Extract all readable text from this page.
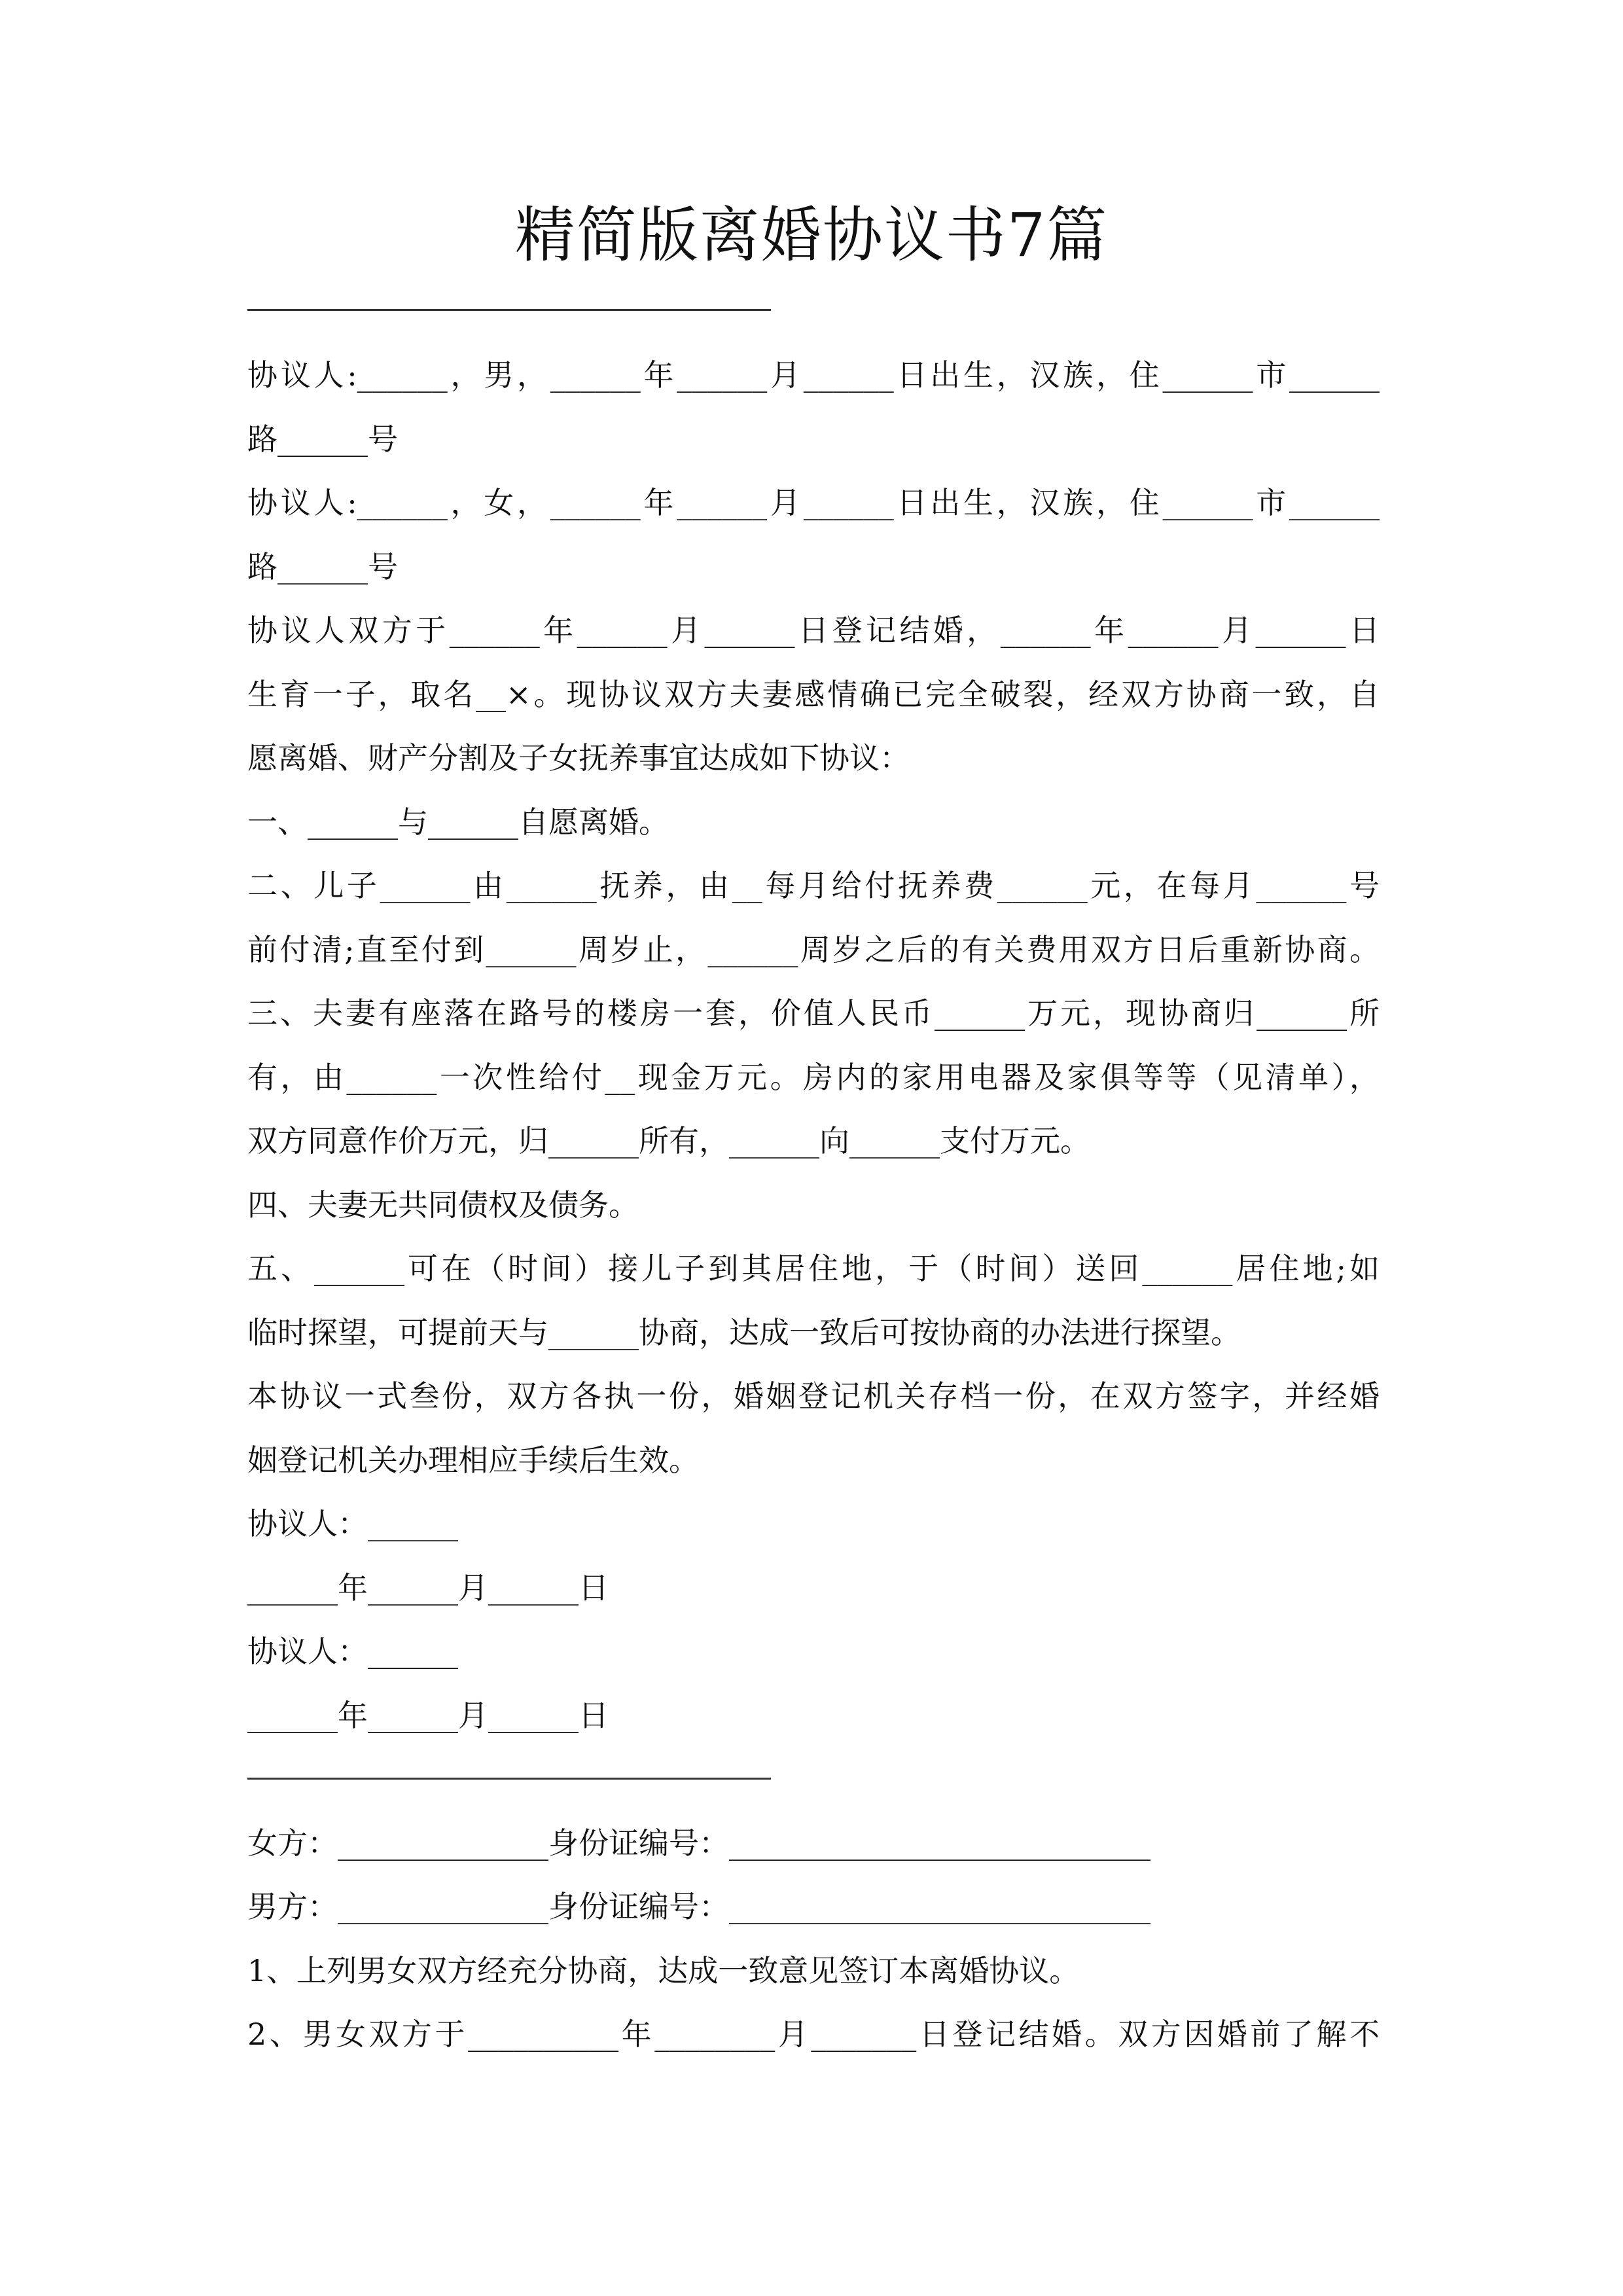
精简版离婚协议书7篇
协议人:______，男，______年______月______日出生，汉族，住______市______
路______号
协议人:______，女，______年______月______日出生，汉族，住______市______
路______号
协议人双方于______年______月______日登记结婚，______年______月______日
生育一子，取名__×。现协议双方夫妻感情确已完全破裂，经双方协商一致，自
愿离婚、财产分割及子女抚养事宜达成如下协议：
一、______与______自愿离婚。
二、儿子______由______抚养，由__每月给付抚养费______元，在每月______号
前付清;直至付到______周岁止，______周岁之后的有关费用双方日后重新协商。
三、夫妻有座落在路号的楼房一套，价值人民币______万元，现协商归______所
有，由______一次性给付__现金万元。房内的家用电器及家俱等等（见清单），
双方同意作价万元，归______所有，______向______支付万元。
四、夫妻无共同债权及债务。
五、______可在（时间）接儿子到其居住地，于（时间）送回______居住地;如
临时探望，可提前天与______协商，达成一致后可按协商的办法进行探望。
本协议一式叁份，双方各执一份，婚姻登记机关存档一份，在双方签字，并经婚
姻登记机关办理相应手续后生效。
协议人：______
______年______月______日
协议人：______
______年______月______日
女方：______________身份证编号：____________________________
男方：______________身份证编号：____________________________
1、上列男女双方经充分协商，达成一致意见签订本离婚协议。
2、男女双方于__________年________月_______日登记结婚。双方因婚前了解不
